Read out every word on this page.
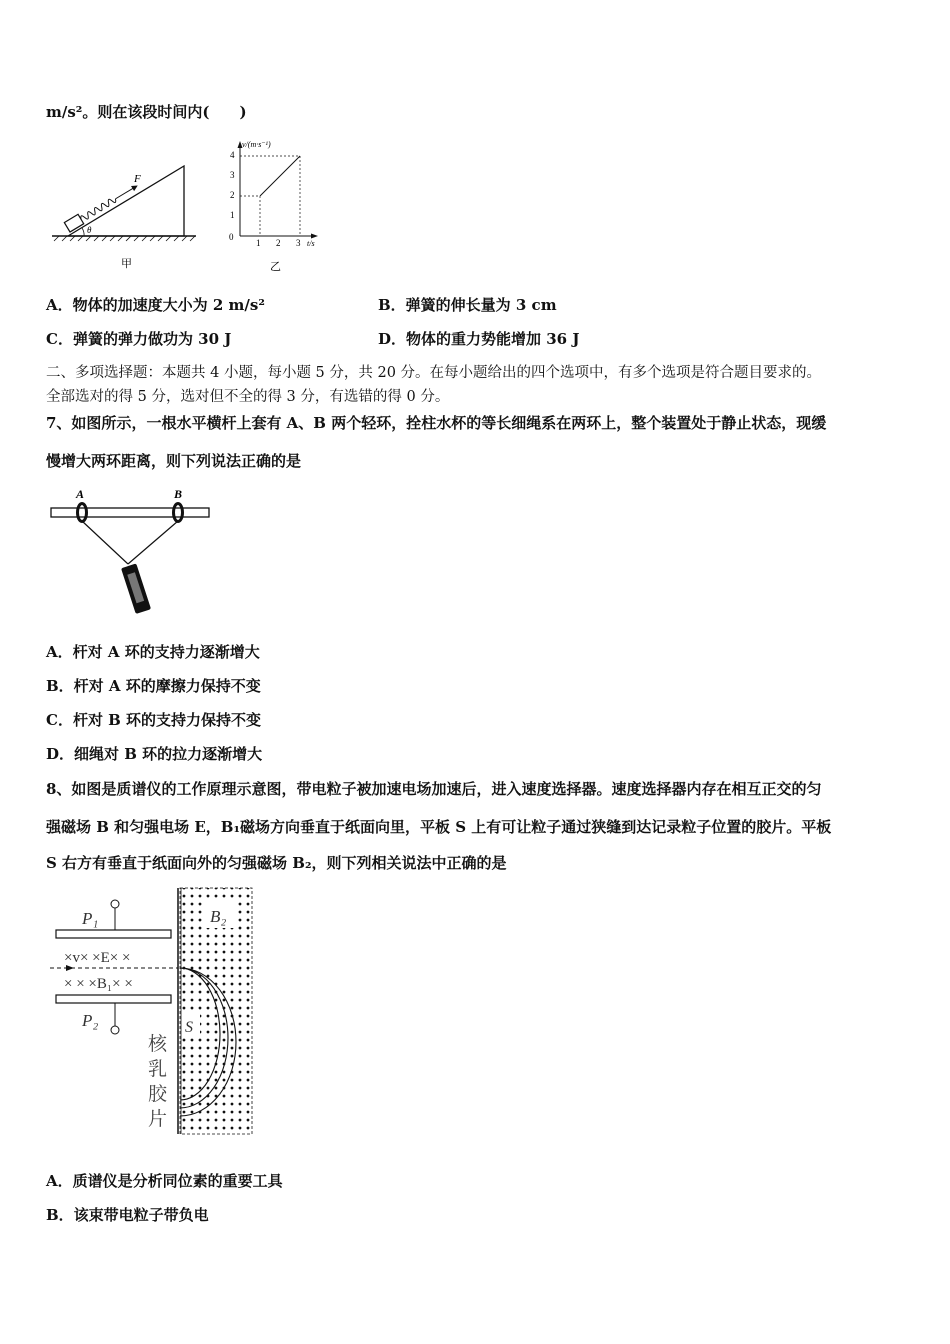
m/s²。则在该段时间内(　　)
F
θ
甲
v/(m·s⁻¹)
t/s
4
3
2
1
0
1 2 3
乙
A．物体的加速度大小为 2 m/s²	B．弹簧的伸长量为 3 cm
C．弹簧的弹力做功为 30 J	D．物体的重力势能增加 36 J
二、多项选择题：本题共 4 小题，每小题 5 分，共 20 分。在每小题给出的四个选项中，有多个选项是符合题目要求的。
全部选对的得 5 分，选对但不全的得 3 分，有选错的得 0 分。
7、如图所示，一根水平横杆上套有 A、B 两个轻环，拴柱水杯的等长细绳系在两环上，整个装置处于静止状态，现缓
慢增大两环距离，则下列说法正确的是
A	B
A．杆对 A 环的支持力逐渐增大
B．杆对 A 环的摩擦力保持不变
C．杆对 B 环的支持力保持不变
D．细绳对 B 环的拉力逐渐增大
8、如图是质谱仪的工作原理示意图，带电粒子被加速电场加速后，进入速度选择器。速度选择器内存在相互正交的匀
强磁场 B 和匀强电场 E，B₁磁场方向垂直于纸面向里，平板 S 上有可让粒子通过狭缝到达记录粒子位置的胶片。平板
S 右方有垂直于纸面向外的匀强磁场 B₂，则下列相关说法中正确的是
B₂
P₁
P₂
×v× ×E× ×
× × ×B₁× ×
S
核
乳
胶
片
A．质谱仪是分析同位素的重要工具
B．该束带电粒子带负电
